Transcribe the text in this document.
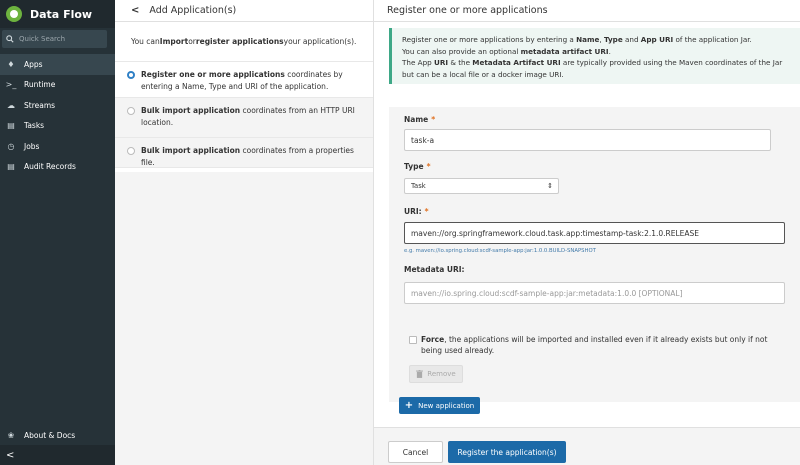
Data Flow
Quick Search
♦ Apps
>_ Runtime
☁ Streams
▤ Tasks
◷ Jobs
▤ Audit Records
❀ About & Docs
<
< Add Application(s)
You can Import or register applications your application(s).
Register one or more applications coordinates by entering a Name, Type and URI of the application.
Bulk import application coordinates from an HTTP URI location.
Bulk import application coordinates from a properties file.
Register one or more applications
Register one or more applications by entering a Name, Type and App URI of the application Jar.
You can also provide an optional metadata artifact URI.
The App URI & the Metadata Artifact URI are typically provided using the Maven coordinates of the Jar but can be a local file or a docker image URI.
Name *
task-a
Type *
Task	⇕
URI: *
maven://org.springframework.cloud.task.app:timestamp-task:2.1.0.RELEASE
e.g. maven://io.spring.cloud:scdf-sample-app:jar:1.0.0.BUILD-SNAPSHOT
Metadata URI:
maven://io.spring.cloud:scdf-sample-app:jar:metadata:1.0.0 [OPTIONAL]
Force, the applications will be imported and installed even if it already exists but only if not being used already.
Remove
+ New application
Cancel	Register the application(s)
